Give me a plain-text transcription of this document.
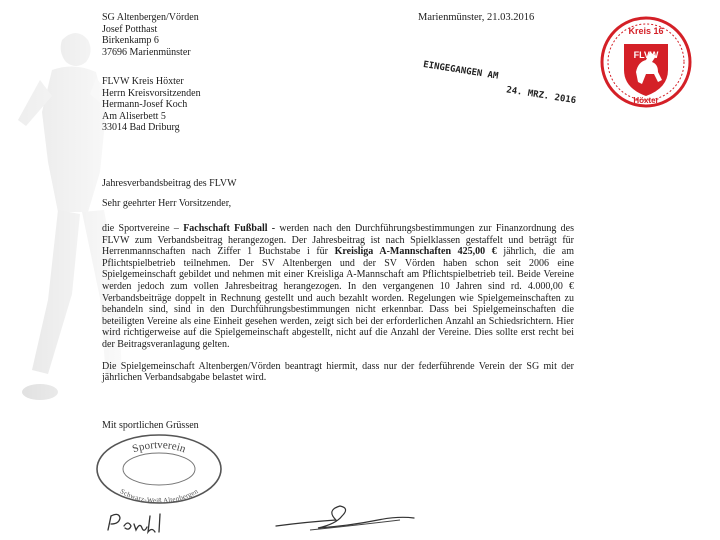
SG Altenbergen/Vörden
Josef Potthast
Birkenkamp 6
37696 Marienmünster
Marienmünster, 21.03.2016
EINGEGANGEN AM
24. MRZ. 2016
FLVW
Kreis 16
Höxter
FLVW Kreis Höxter
Herrn Kreisvorsitzenden
Hermann-Josef Koch
Am Aliserbett 5
33014 Bad Driburg
Jahresverbandsbeitrag des FLVW
Sehr geehrter Herr Vorsitzender,

die Sportvereine – Fachschaft Fußball - werden nach den Durchführungsbestimmungen zur Finanzordnung des FLVW zum Verbandsbeitrag herangezogen. Der Jahresbeitrag ist nach Spielklassen gestaffelt und beträgt für Herrenmannschaften nach Ziffer 1 Buchstabe i für Kreisliga A-Mannschaften 425,00 € jährlich, die am Pflichtspielbetrieb teilnehmen. Der SV Altenbergen und der SV Vörden haben schon seit 2006 eine Spielgemeinschaft gebildet und nehmen mit einer Kreisliga A-Mannschaft am Pflichtspielbetrieb teil. Beide Vereine werden jedoch zum vollen Jahresbeitrag herangezogen. In den vergangenen 10 Jahren sind rd. 4.000,00 € Verbandsbeiträge doppelt in Rechnung gestellt und auch bezahlt worden. Regelungen wie Spielgemeinschaften zu behandeln sind, sind in den Durchführungsbestimmungen nicht erkennbar. Dass bei Spielgemeinschaften die beteiligten Vereine als eine Einheit gesehen werden, zeigt sich bei der erforderlichen Anzahl an Schiedsrichtern. Hier wird richtigerweise auf die Spielgemeinschaft abgestellt, nicht auf die Anzahl der Vereine. Dies sollte erst recht bei der Beitragsveranlagung gelten.

Die Spielgemeinschaft Altenbergen/Vörden beantragt hiermit, dass nur der federführende Verein der SG mit der jährlichen Verbandsabgabe belastet wird.

Mit sportlichen Grüssen
Sportverein
Schwarz-Weiß Altenbergen
